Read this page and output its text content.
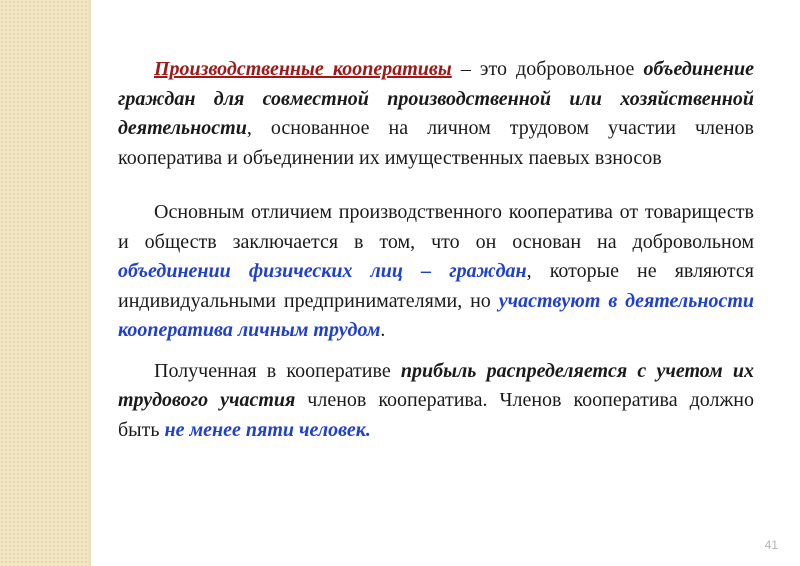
Производственные кооперативы – это добровольное объединение граждан для совместной производственной или хозяйственной деятельности, основанное на личном трудовом участии членов кооператива и объединении их имущественных паевых взносов

Основным отличием производственного кооператива от товариществ и обществ заключается в том, что он основан на добровольном объединении физических лиц – граждан, которые не являются индивидуальными предпринимателями, но участвуют в деятельности кооператива личным трудом.

Полученная в кооперативе прибыль распределяется с учетом их трудового участия членов кооператива. Членов кооператива должно быть не менее пяти человек.

41
